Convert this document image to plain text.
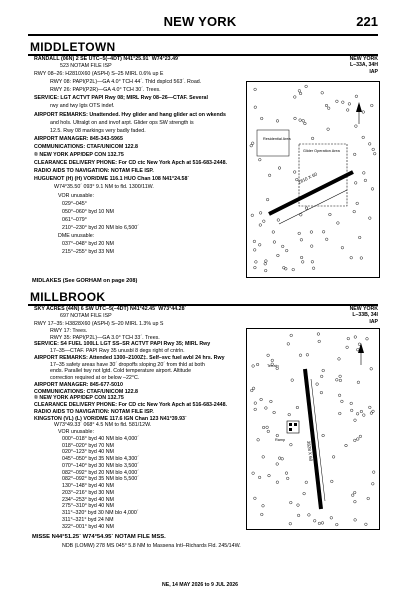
NEW YORK	221
MIDDLETOWN
RANDALL (06N) 2 SE UTC–5(–4DT) N41°25.91´ W74°23.49´
523 NOTAM FILE ISP
NEW YORK
L–33A, 34H
IAP
RWY 08–26: H2810X60 (ASPH) S–25 MIRL 0.6% up E
RWY 08: PAPI(P2L)—GA 4.0° TCH 44´. Thld dsplcd 563´. Road.
RWY 26: PAPI(P2R)—GA 4.0° TCH 30´. Trees.
SERVICE: LGT ACTVT PAPI Rwy 08; MIRL Rwy 08–26—CTAF. Several
rwy and twy lgts OTS indef.
AIRPORT REMARKS: Unattended. Hvy glider and hang glider act on wkends
and hols. Ultralgt on and invof arpt. Glider ops SW strength is
12.5. Rwy 08 markings very badly faded.
AIRPORT MANAGER: 845-343-5965
COMMUNICATIONS: CTAF/UNICOM 122.8
® NEW YORK APP/DEP CON 132.75
CLEARANCE DELIVERY PHONE: For CD ctc New York Apch at 516-683-2448.
RADIO AIDS TO NAVIGATION: NOTAM FILE ISP.
HUGUENOT (H) (H) VOR/DME 116.1 HUO Chan 108 N41°24.58´
W74°35.50´ 093° 9.1 NM to fld. 1300/11W.
VOR unusable:
029°–045°
050°–060° byd 10 NM
061°–079°
210°–230° byd 20 NM blo 6,500´
DME unusable:
037°–048° byd 20 NM
215°–255° byd 33 NM
2810 X 60
Residential Area
Glider Operation Area
MIDLAKES (See GORHAM on page 208)
MILLBROOK
SKY ACRES (44N) 6 SW UTC–5(–4DT) N41°42.45´ W73°44.28´
697 NOTAM FILE ISP
NEW YORK
L–33B, 34I
IAP
RWY 17–35: H3828X60 (ASPH) S–20 MIRL 1.3% up S
RWY 17: Trees.
RWY 35: PAPI(P2L)—GA 3.0° TCH 33´. Trees.
SERVICE: S4 FUEL 100LL LGT SS–SR ACTVT PAPI Rwy 35; MIRL Rwy
17–35—CTAF. PAPI Rwy 35 unusbl 8 degs right of cntrln.
AIRPORT REMARKS: Attended 1300–2100Z‡. Self–svc fuel avbl 24 hrs. Rwy
17–35 safety areas have 30´ dropoffs sloping 20´ from thld at both
ends. Parallel twy not lgtd. Cold temperature airport. Altitude
correction required at or below –22°C.
AIRPORT MANAGER: 845-677-5010
COMMUNICATIONS: CTAF/UNICOM 122.8
® NEW YORK APP/DEP CON 132.75
CLEARANCE DELIVERY PHONE: For CD ctc New York Apch at 516-683-2448.
RADIO AIDS TO NAVIGATION: NOTAM FILE ISP.
KINGSTON (VL) (L) VOR/DME 117.6 IGN Chan 123 N41°39.93´
W73°49.33´ 068° 4.5 NM to fld. 581/12W.
VOR unusable:
000°–018° byd 40 NM blo 4,000´
018°–020° byd 70 NM
020°–123° byd 40 NM
045°–050° byd 35 NM blo 4,300´
070°–140° byd 30 NM blo 3,500´
082°–092° byd 20 NM blo 4,000´
082°–092° byd 35 NM blo 5,500´
130°–148° byd 40 NM
203°–216° byd 30 NM
234°–253° byd 40 NM
275°–310° byd 40 NM
311°–320° byd 30 NM blo 4,000´
311°–321° byd 24 NM
322°–001° byd 40 NM
3828 X 60
Terrain
Ramp
MISSE N44°51.25´ W74°54.95´ NOTAM FILE MSS.
NDB (LOMW) 278 MS 045° 5.8 NM to Massena Intl–Richards Fld. 245/14W.
NE, 14 MAY 2026 to 9 JUL 2026
